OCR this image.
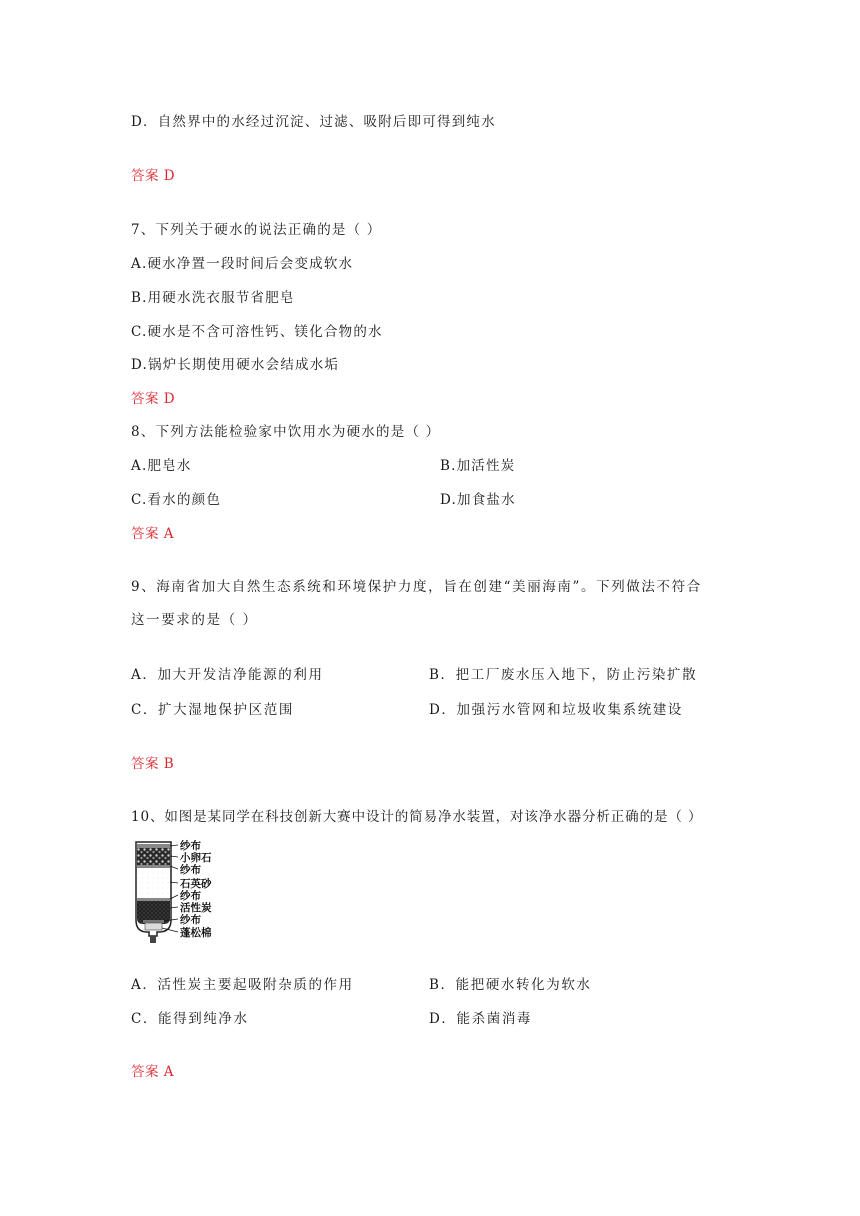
D．自然界中的水经过沉淀、过滤、吸附后即可得到纯水
答案 D
7、下列关于硬水的说法正确的是（ ）
A.硬水净置一段时间后会变成软水
B.用硬水洗衣服节省肥皂
C.硬水是不含可溶性钙、镁化合物的水
D.锅炉长期使用硬水会结成水垢
答案 D
8、下列方法能检验家中饮用水为硬水的是（ ）
A.肥皂水	B.加活性炭
C.看水的颜色	D.加食盐水
答案 A
9、海南省加大自然生态系统和环境保护力度，旨在创建“美丽海南”。下列做法不符合
这一要求的是（ ）
A．加大开发洁净能源的利用	B．把工厂废水压入地下，防止污染扩散
C．扩大湿地保护区范围	D．加强污水管网和垃圾收集系统建设
答案 B
10、如图是某同学在科技创新大赛中设计的简易净水装置，对该净水器分析正确的是（ ）
纱布
小卵石
纱布
石英砂
纱布
活性炭
纱布
蓬松棉
A．活性炭主要起吸附杂质的作用	B．能把硬水转化为软水
C．能得到纯净水	D．能杀菌消毒
答案 A
